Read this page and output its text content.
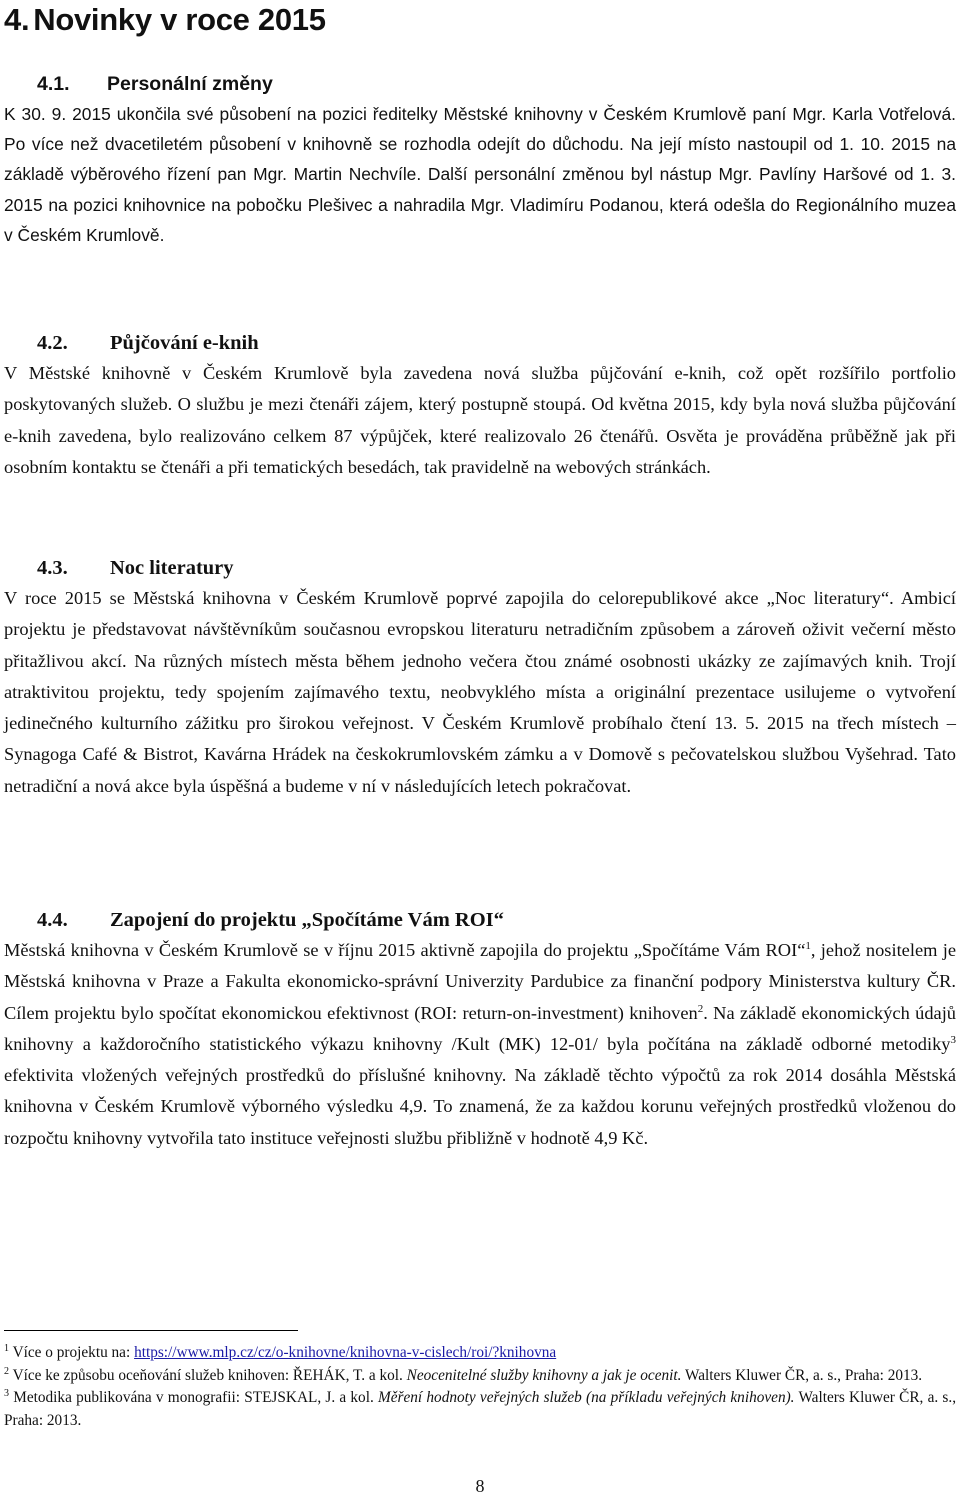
4. Novinky v roce 2015
4.1. Personální změny

K 30. 9. 2015 ukončila své působení na pozici ředitelky Městské knihovny v Českém Krumlově paní Mgr. Karla Votřelová. Po více než dvacetiletém působení v knihovně se rozhodla odejít do důchodu. Na její místo nastoupil od 1. 10. 2015 na základě výběrového řízení pan Mgr. Martin Nechvíle. Další personální změnou byl nástup Mgr. Pavlíny Haršové od 1. 3. 2015 na pozici knihovnice na pobočku Plešivec a nahradila Mgr. Vladimíru Podanou, která odešla do Regionálního muzea v Českém Krumlově.

4.2. Půjčování e-knih

V Městské knihovně v Českém Krumlově byla zavedena nová služba půjčování e-knih, což opět rozšířilo portfolio poskytovaných služeb. O službu je mezi čtenáři zájem, který postupně stoupá. Od května 2015, kdy byla nová služba půjčování e-knih zavedena, bylo realizováno celkem 87 výpůjček, které realizovalo 26 čtenářů. Osvěta je prováděna průběžně jak při osobním kontaktu se čtenáři a při tematických besedách, tak pravidelně na webových stránkách.

4.3. Noc literatury

V roce 2015 se Městská knihovna v Českém Krumlově poprvé zapojila do celorepublikové akce „Noc literatury“. Ambicí projektu je představovat návštěvníkům současnou evropskou literaturu netradičním způsobem a zároveň oživit večerní město přitažlivou akcí. Na různých místech města během jednoho večera čtou známé osobnosti ukázky ze zajímavých knih. Trojí atraktivitou projektu, tedy spojením zajímavého textu, neobvyklého místa a originální prezentace usilujeme o vytvoření jedinečného kulturního zážitku pro širokou veřejnost. V Českém Krumlově probíhalo čtení 13. 5. 2015 na třech místech – Synagoga Café & Bistrot, Kavárna Hrádek na českokrumlovském zámku a v Domově s pečovatelskou službou Vyšehrad. Tato netradiční a nová akce byla úspěšná a budeme v ní v následujících letech pokračovat.

4.4. Zapojení do projektu „Spočítáme Vám ROI“

Městská knihovna v Českém Krumlově se v říjnu 2015 aktivně zapojila do projektu „Spočítáme Vám ROI“$^1$, jehož nositelem je Městská knihovna v Praze a Fakulta ekonomicko-správní Univerzity Pardubice za finanční podpory Ministerstva kultury ČR. Cílem projektu bylo spočítat ekonomickou efektivnost (ROI: return-on-investment) knihoven$^2$. Na základě ekonomických údajů knihovny a každoročního statistického výkazu knihovny /Kult (MK) 12-01/ byla počítána na základě odborné metodiky$^3$ efektivita vložených veřejných prostředků do příslušné knihovny. Na základě těchto výpočtů za rok 2014 dosáhla Městská knihovna v Českém Krumlově výborného výsledku 4,9. To znamená, že za každou korunu veřejných prostředků vloženou do rozpočtu knihovny vytvořila tato instituce veřejnosti službu přibližně v hodnotě 4,9 Kč.

$^1$ Více o projektu na: https://www.mlp.cz/cz/o-knihovne/knihovna-v-cislech/roi/?knihovna

$^2$ Více ke způsobu oceňování služeb knihoven: ŘEHÁK, T. a kol. Neocenitelné služby knihovny a jak je ocenit. Walters Kluwer ČR, a. s., Praha: 2013.

$^3$ Metodika publikována v monografii: STEJSKAL, J. a kol. Měření hodnoty veřejných služeb (na příkladu veřejných knihoven). Walters Kluwer ČR, a. s., Praha: 2013.

8
